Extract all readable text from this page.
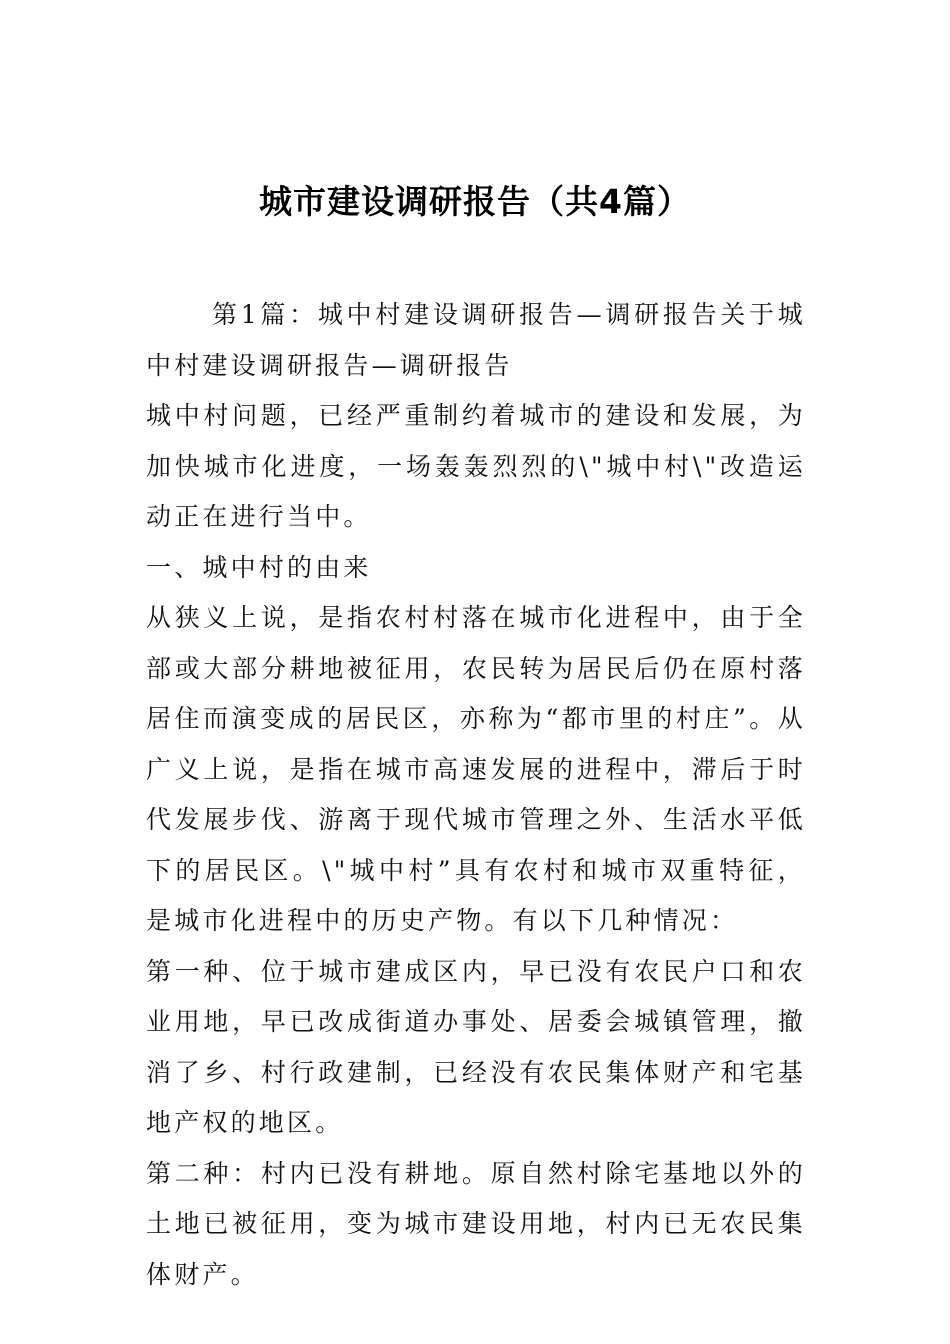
城市建设调研报告（共4篇）

第1篇：城中村建设调研报告—调研报告关于城中村建设调研报告—调研报告

城中村问题，已经严重制约着城市的建设和发展，为加快城市化进度，一场轰轰烈烈的\"城中村\"改造运动正在进行当中。

一、城中村的由来

从狭义上说，是指农村村落在城市化进程中，由于全部或大部分耕地被征用，农民转为居民后仍在原村落居住而演变成的居民区，亦称为“都市里的村庄”。从广义上说，是指在城市高速发展的进程中，滞后于时代发展步伐、游离于现代城市管理之外、生活水平低下的居民区。\"城中村”具有农村和城市双重特征，是城市化进程中的历史产物。有以下几种情况：

第一种、位于城市建成区内，早已没有农民户口和农业用地，早已改成街道办事处、居委会城镇管理，撤消了乡、村行政建制，已经没有农民集体财产和宅基地产权的地区。

第二种：村内已没有耕地。原自然村除宅基地以外的土地已被征用，变为城市建设用地，村内已无农民集体财产。
